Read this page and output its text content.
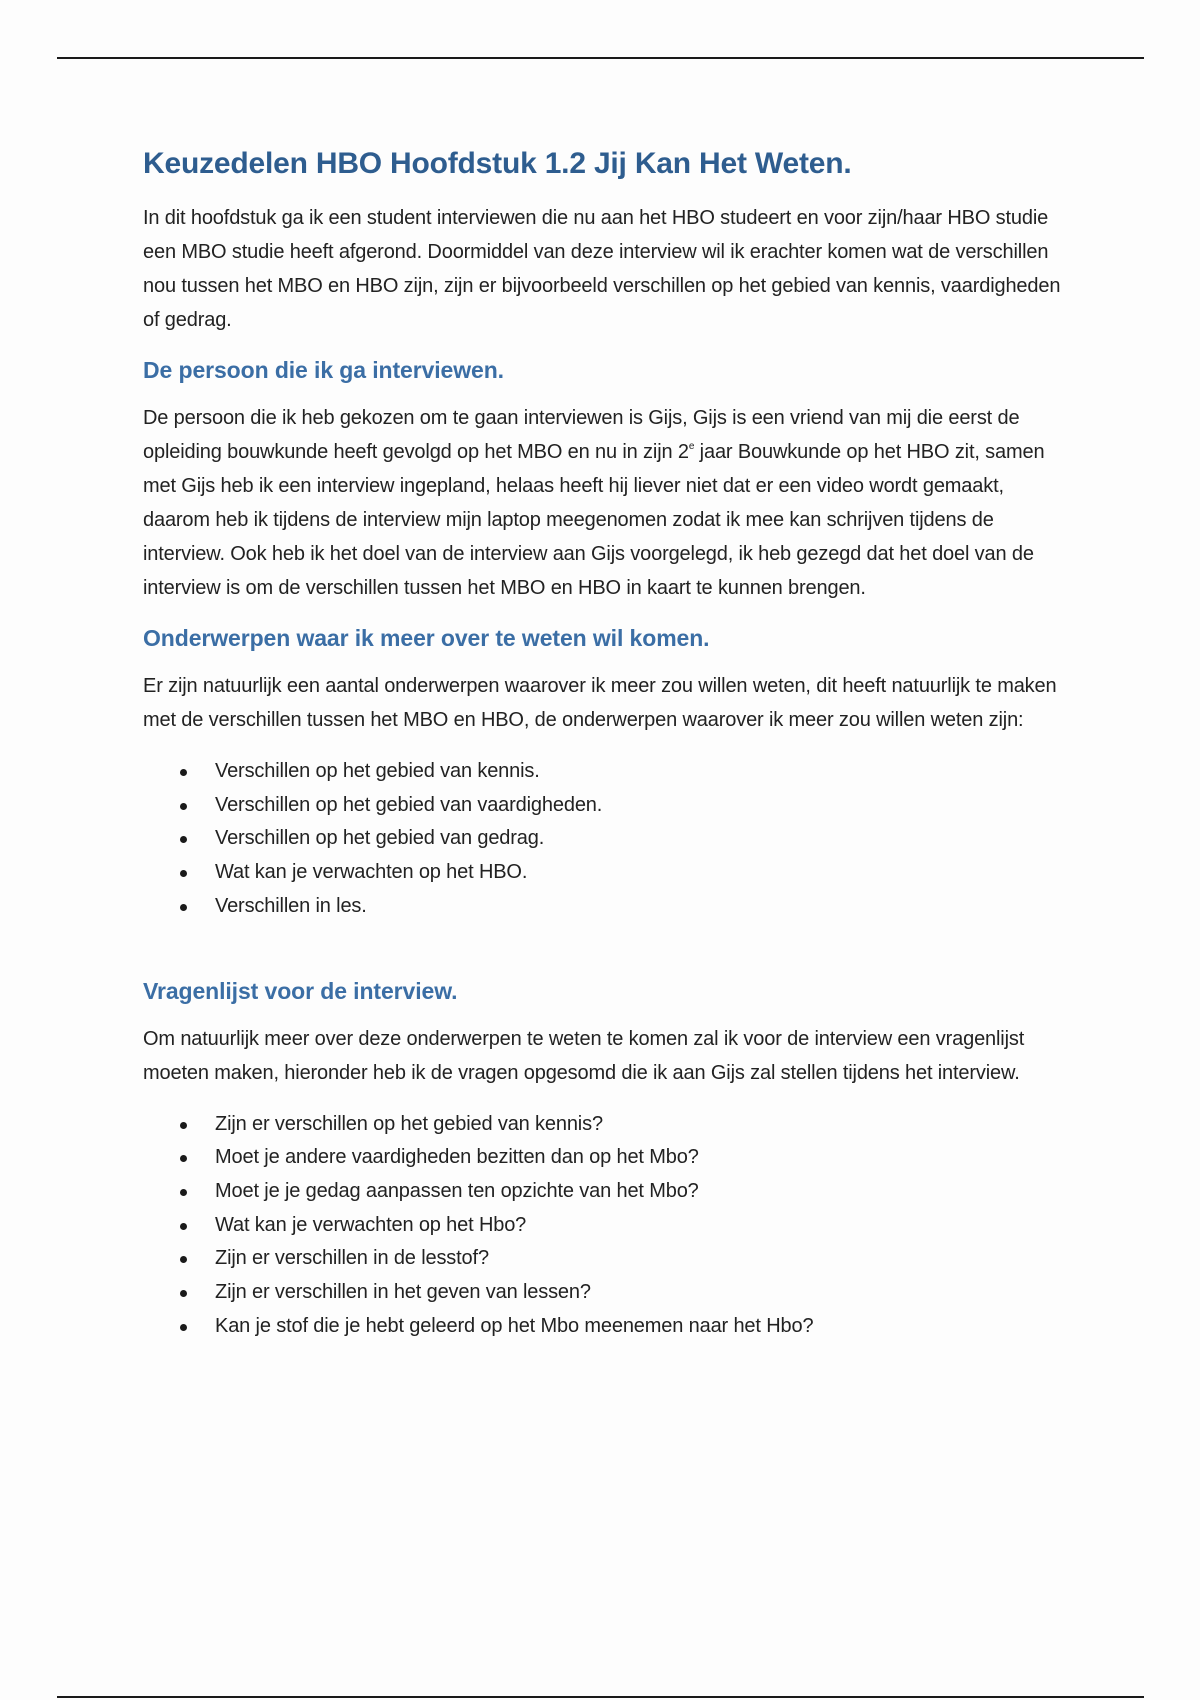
Keuzedelen HBO Hoofdstuk 1.2 Jij Kan Het Weten.

In dit hoofdstuk ga ik een student interviewen die nu aan het HBO studeert en voor zijn/haar HBO studie een MBO studie heeft afgerond. Doormiddel van deze interview wil ik erachter komen wat de verschillen nou tussen het MBO en HBO zijn, zijn er bijvoorbeeld verschillen op het gebied van kennis, vaardigheden of gedrag.

De persoon die ik ga interviewen.

De persoon die ik heb gekozen om te gaan interviewen is Gijs, Gijs is een vriend van mij die eerst de opleiding bouwkunde heeft gevolgd op het MBO en nu in zijn 2e jaar Bouwkunde op het HBO zit, samen met Gijs heb ik een interview ingepland, helaas heeft hij liever niet dat er een video wordt gemaakt, daarom heb ik tijdens de interview mijn laptop meegenomen zodat ik mee kan schrijven tijdens de interview. Ook heb ik het doel van de interview aan Gijs voorgelegd, ik heb gezegd dat het doel van de interview is om de verschillen tussen het MBO en HBO in kaart te kunnen brengen.

Onderwerpen waar ik meer over te weten wil komen.

Er zijn natuurlijk een aantal onderwerpen waarover ik meer zou willen weten, dit heeft natuurlijk te maken met de verschillen tussen het MBO en HBO, de onderwerpen waarover ik meer zou willen weten zijn:

Verschillen op het gebied van kennis.
Verschillen op het gebied van vaardigheden.
Verschillen op het gebied van gedrag.
Wat kan je verwachten op het HBO.
Verschillen in les.
Vragenlijst voor de interview.

Om natuurlijk meer over deze onderwerpen te weten te komen zal ik voor de interview een vragenlijst moeten maken, hieronder heb ik de vragen opgesomd die ik aan Gijs zal stellen tijdens het interview.

Zijn er verschillen op het gebied van kennis?
Moet je andere vaardigheden bezitten dan op het Mbo?
Moet je je gedag aanpassen ten opzichte van het Mbo?
Wat kan je verwachten op het Hbo?
Zijn er verschillen in de lesstof?
Zijn er verschillen in het geven van lessen?
Kan je stof die je hebt geleerd op het Mbo meenemen naar het Hbo?
